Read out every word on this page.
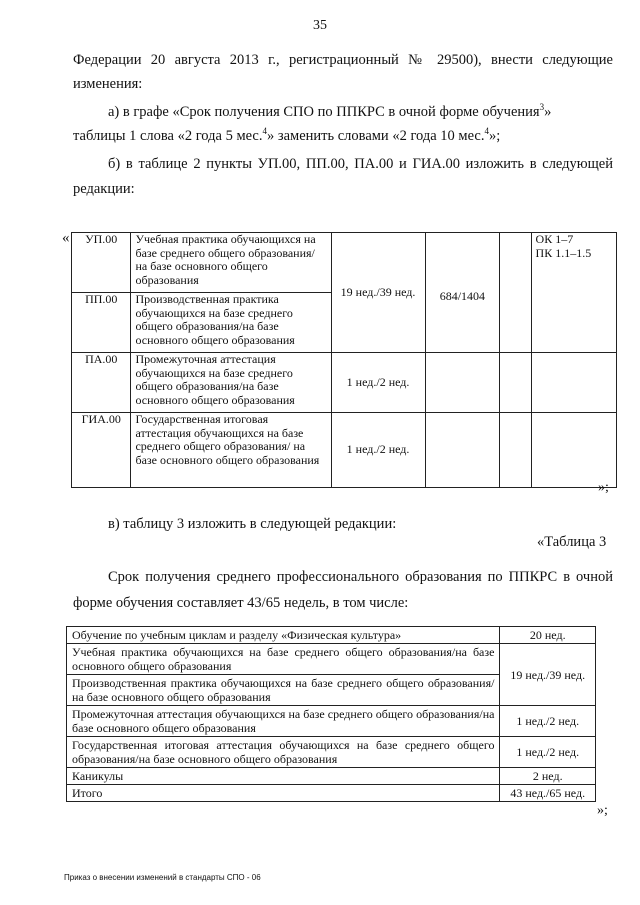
35
Федерации 20 августа 2013 г., регистрационный № 29500), внести следующие
изменения:
а) в графе «Срок получения СПО по ППКРС в очной форме обучения$^3$»
таблицы 1 слова «2 года 5 мес.$^4$» заменить словами «2 года 10 мес.$^4$»;
б) в таблице 2 пункты УП.00, ПП.00, ПА.00 и ГИА.00 изложить в следующей
редакции:
« УП.00	Учебная практика обучающихся на базе среднего общего образования/на базе основного общего образования	19 нед./39 нед.	684/1404		ОК 1–7
ПК 1.1–1.5

ПП.00	Производственная практика обучающихся на базе среднего общего образования/на базе основного общего образования				
ПА.00	Промежуточная аттестация обучающихся на базе среднего общего образования/на базе основного общего образования	1 нед./2 нед.			
ГИА.00	Государственная итоговая аттестация обучающихся на базе среднего общего образования/ на базе основного общего образования	1 нед./2 нед.			
»;
в) таблицу 3 изложить в следующей редакции:
«Таблица 3
Срок получения среднего профессионального образования по ППКРС в очной
форме обучения составляет 43/65 недель, в том числе:
Обучение по учебным циклам и разделу «Физическая культура»	20 нед.
Учебная практика обучающихся на базе среднего общего образования/на базе основного общего образования	19 нед./39 нед.
Производственная практика обучающихся на базе среднего общего образования/на базе основного общего образования	
Промежуточная аттестация обучающихся на базе среднего общего образования/на базе основного общего образования	1 нед./2 нед.
Государственная итоговая аттестация обучающихся на базе среднего общего образования/на базе основного общего образования	1 нед./2 нед.
Каникулы	2 нед.
Итого	43 нед./65 нед.
»;
Приказ о внесении изменений в стандарты СПО - 06
